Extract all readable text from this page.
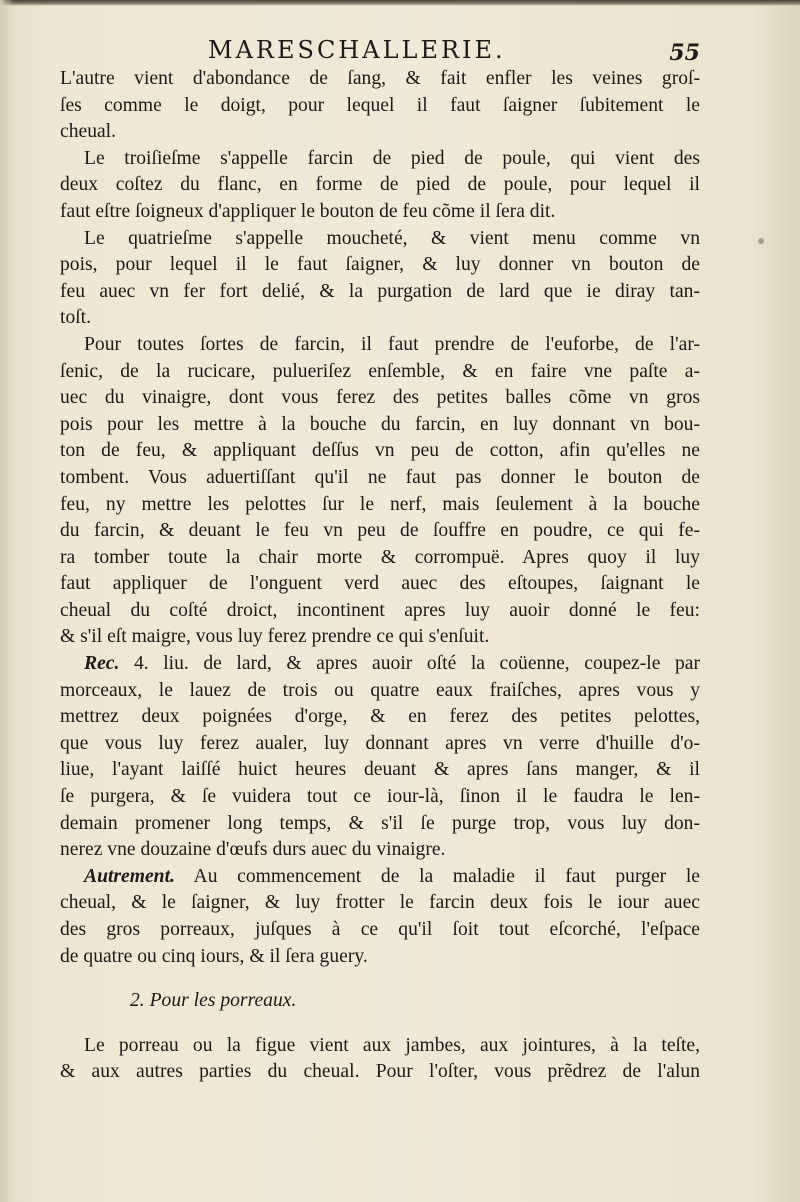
MARESCHALLERIE.	55
L'autre vient d'abondance de ſang, & fait enfler les veines groſ-
ſes comme le doigt, pour lequel il faut ſaigner ſubitement le
cheual.
Le troiſieſme s'appelle farcin de pied de poule, qui vient des
deux coſtez du flanc, en forme de pied de poule, pour lequel il
faut eſtre ſoigneux d'appliquer le bouton de feu cõme il ſera dit.
Le quatrieſme s'appelle moucheté, & vient menu comme vn
pois, pour lequel il le faut ſaigner, & luy donner vn bouton de
feu auec vn fer fort delié, & la purgation de lard que ie diray tan-
toſt.
Pour toutes ſortes de farcin, il faut prendre de l'euforbe, de l'ar-
ſenic, de la rucicare, pulueriſez enſemble, & en faire vne paſte a-
uec du vinaigre, dont vous ferez des petites balles cõme vn gros
pois pour les mettre à la bouche du farcin, en luy donnant vn bou-
ton de feu, & appliquant deſſus vn peu de cotton, afin qu'elles ne
tombent. Vous aduertiſſant qu'il ne faut pas donner le bouton de
feu, ny mettre les pelottes ſur le nerf, mais ſeulement à la bouche
du farcin, & deuant le feu vn peu de ſouffre en poudre, ce qui fe-
ra tomber toute la chair morte & corrompuë. Apres quoy il luy
faut appliquer de l'onguent verd auec des eſtoupes, ſaignant le
cheual du coſté droict, incontinent apres luy auoir donné le feu:
& s'il eſt maigre, vous luy ferez prendre ce qui s'enſuit.
Rec. 4. liu. de lard, & apres auoir oſté la coüenne, coupez-le par
morceaux, le lauez de trois ou quatre eaux fraiſches, apres vous y
mettrez deux poignées d'orge, & en ferez des petites pelottes,
que vous luy ferez aualer, luy donnant apres vn verre d'huille d'o-
liue, l'ayant laiſſé huict heures deuant & apres ſans manger, & il
ſe purgera, & ſe vuidera tout ce iour-là, ſinon il le faudra le len-
demain promener long temps, & s'il ſe purge trop, vous luy don-
nerez vne douzaine d'œufs durs auec du vinaigre.
Autrement. Au commencement de la maladie il faut purger le
cheual, & le ſaigner, & luy frotter le farcin deux fois le iour auec
des gros porreaux, juſques à ce qu'il ſoit tout eſcorché, l'eſpace
de quatre ou cinq iours, & il ſera guery.
2. Pour les porreaux.
Le porreau ou la figue vient aux jambes, aux jointures, à la teſte,
& aux autres parties du cheual. Pour l'oſter, vous prẽdrez de l'alun
